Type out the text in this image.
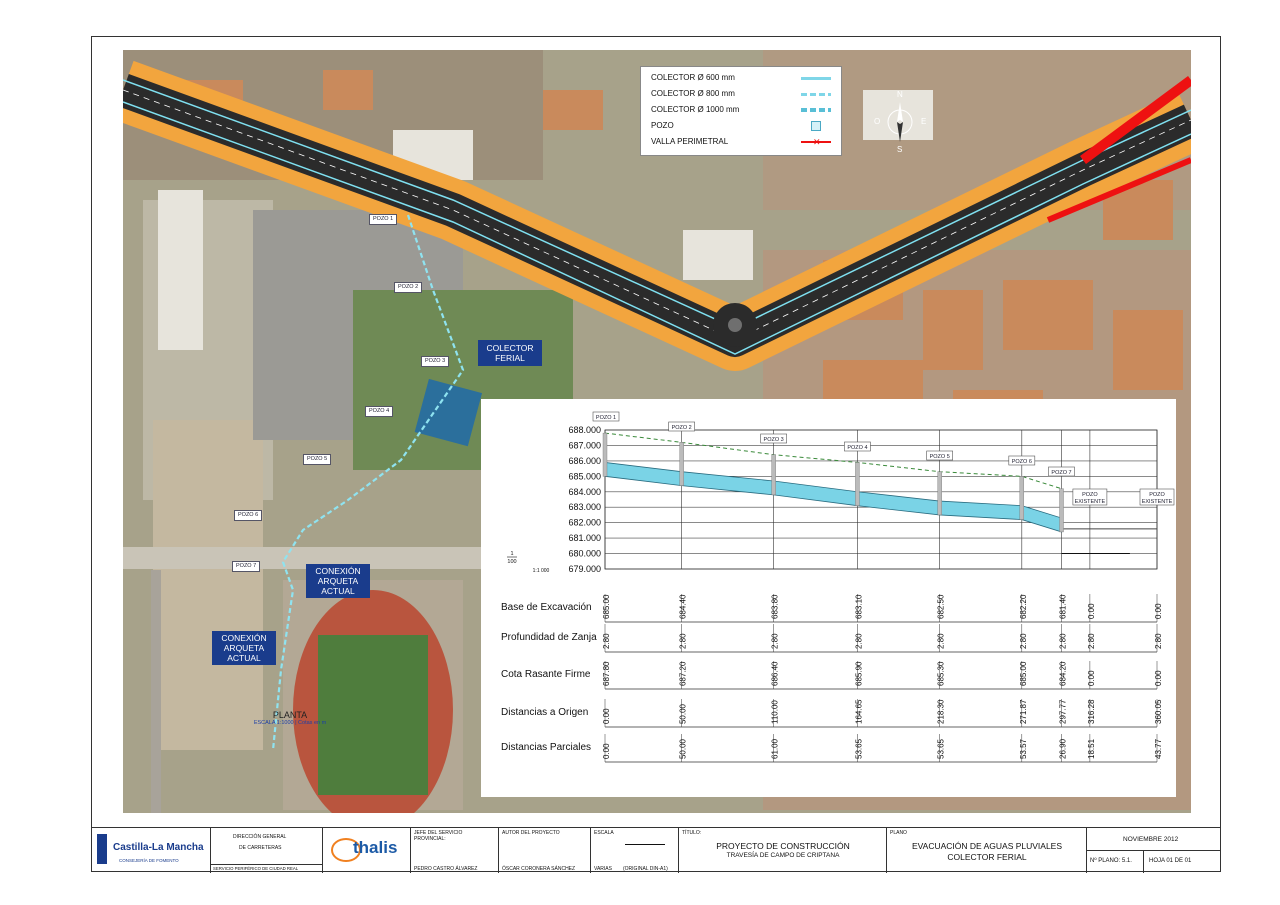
COLECTOR Ø 600 mm
COLECTOR Ø 800 mm
COLECTOR Ø 1000 mm
POZO
VALLA PERIMETRAL	✕
N
S
E
O
POZO 1
POZO 2
POZO 3
POZO 4
POZO 5
POZO 6
POZO 7
COLECTOR FERIAL
CONEXIÓN ARQUETA ACTUAL
CONEXIÓN ARQUETA ACTUAL
PLANTA
ESCALA 1:1000 | Cotas en m
688.000
687.000
686.000
685.000
684.000
683.000
682.000
681.000
680.000
679.000
POZO 1
POZO 2
POZO 3
POZO 4
POZO 5
POZO 6
POZO 7
POZO
EXISTENTE
POZO
EXISTENTE
1
100
1:1 000
Base de Excavación 685.00	684.40	683.80	683.10	682.50	682.20	681.40 0.00	0.00
Profundidad de Zanja 2.80	2.80	2.80	2.80	2.80	2.80	2.80 2.80	2.80
Cota Rasante Firme 687.80	687.20	686.40	685.90	685.30	685.00	684.20 0.00	0.00
Distancias a Origen 0.00	50.00	110.00	164.65	218.30	271.87	297.77 316.28	360.05
Distancias Parciales 0.00	50.00	61.00	53.65	53.65	53.57	26.90 18.51	43.77
Castilla-La Mancha
CONSEJERÍA DE FOMENTO
DIRECCIÓN GENERAL
DE CARRETERAS
SERVICIO PERIFÉRICO DE CIUDAD REAL
thalis
JEFE DEL SERVICIO PROVINCIAL:
PEDRO CASTRO ÁLVAREZ
AUTOR DEL PROYECTO
ÓSCAR CORONERA SÁNCHEZ
ESCALA
VARIAS (ORIGINAL DIN-A1)
TÍTULO:
PROYECTO DE CONSTRUCCIÓN
TRAVESÍA DE CAMPO DE CRIPTANA
PLANO
EVACUACIÓN DE AGUAS PLUVIALES
COLECTOR FERIAL
NOVIEMBRE 2012
Nº PLANO: 5.1.	HOJA 01 DE 01
